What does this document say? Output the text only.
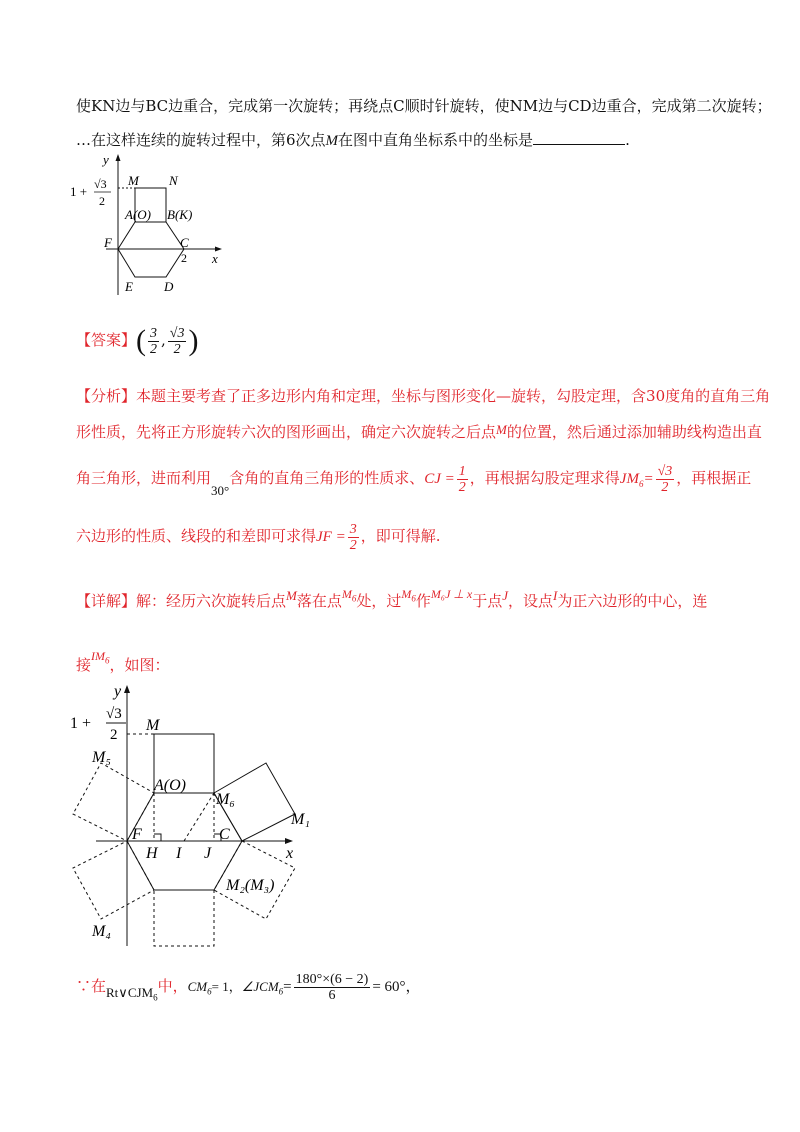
使KN边与BC边重合，完成第一次旋转；再绕点C顺时针旋转，使NM边与CD边重合，完成第二次旋转；
…在这样连续的旋转过程中，第6次点M在图中直角坐标系中的坐标是	.
y
x
M N
A(O) B(K)
F	C
2
E D
1 + √3
2
【答案】( $\frac{3}{2}$ , $\frac{√3}{2}$ )
【分析】本题主要考查了正多边形内角和定理，坐标与图形变化—旋转，勾股定理，含30度角的直角三角
形性质，先将正方形旋转六次的图形画出，确定六次旋转之后点M的位置，然后通过添加辅助线构造出直
角三角形，进而利用30°含角的直角三角形的性质求、CJ = $\frac{1}{2}$ ，再根据勾股定理求得$JM_6= \frac{√3}{2}$ ，再根据正
六边形的性质、线段的和差即可求得JF = $\frac{3}{2}$ ，即可得解.
【详解】解：经历六次旋转后点M落在点$^{M_6}$处，过$^{M_6}$作$^{M_6J \perp x}$于点J，设点I为正六边形的中心，连
接$^{IM_6}$，如图：
y
x
M
M₅
A(O)
M₆
M₁
F
H I J
C
M₂(M₃)
M₄
1 +
√3
2
∵在$Rt\vee CJM_6$中，$CM_6= 1$，$\angle JCM_6= \frac{180^\circ\times(6 - 2)}{6} = 60^\circ$，
